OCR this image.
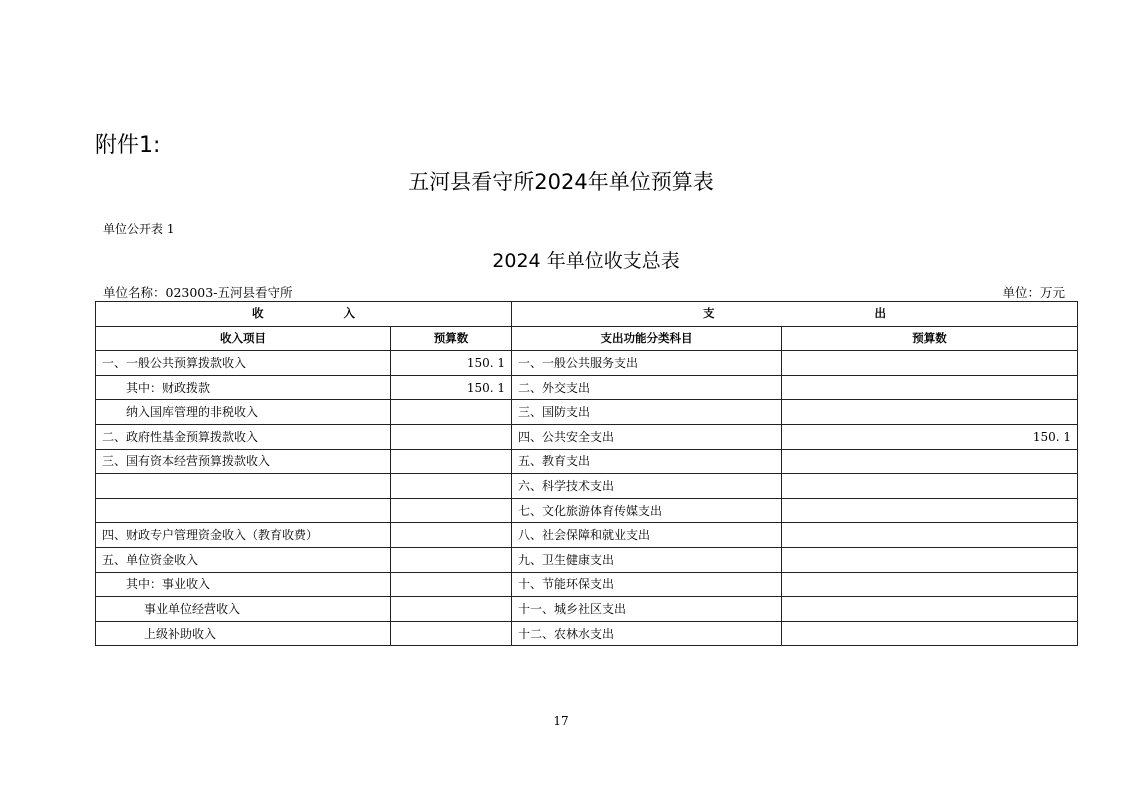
附件1:
五河县看守所2024年单位预算表
单位公开表 1
2024 年单位收支总表
单位名称：023003-五河县看守所	单位：万元
收 入		支 出	
收入项目	预算数	支出功能分类科目	预算数
一、一般公共预算拨款收入	150. 1	一、一般公共服务支出	
其中：财政拨款	150. 1	二、外交支出	
纳入国库管理的非税收入		三、国防支出	
二、政府性基金预算拨款收入		四、公共安全支出	150. 1
三、国有资本经营预算拨款收入		五、教育支出	
		六、科学技术支出	
		七、文化旅游体育传媒支出	
四、财政专户管理资金收入（教育收费）		八、社会保障和就业支出	
五、单位资金收入		九、卫生健康支出	
其中：事业收入		十、节能环保支出	
事业单位经营收入		十一、城乡社区支出	
上级补助收入		十二、农林水支出	
17
